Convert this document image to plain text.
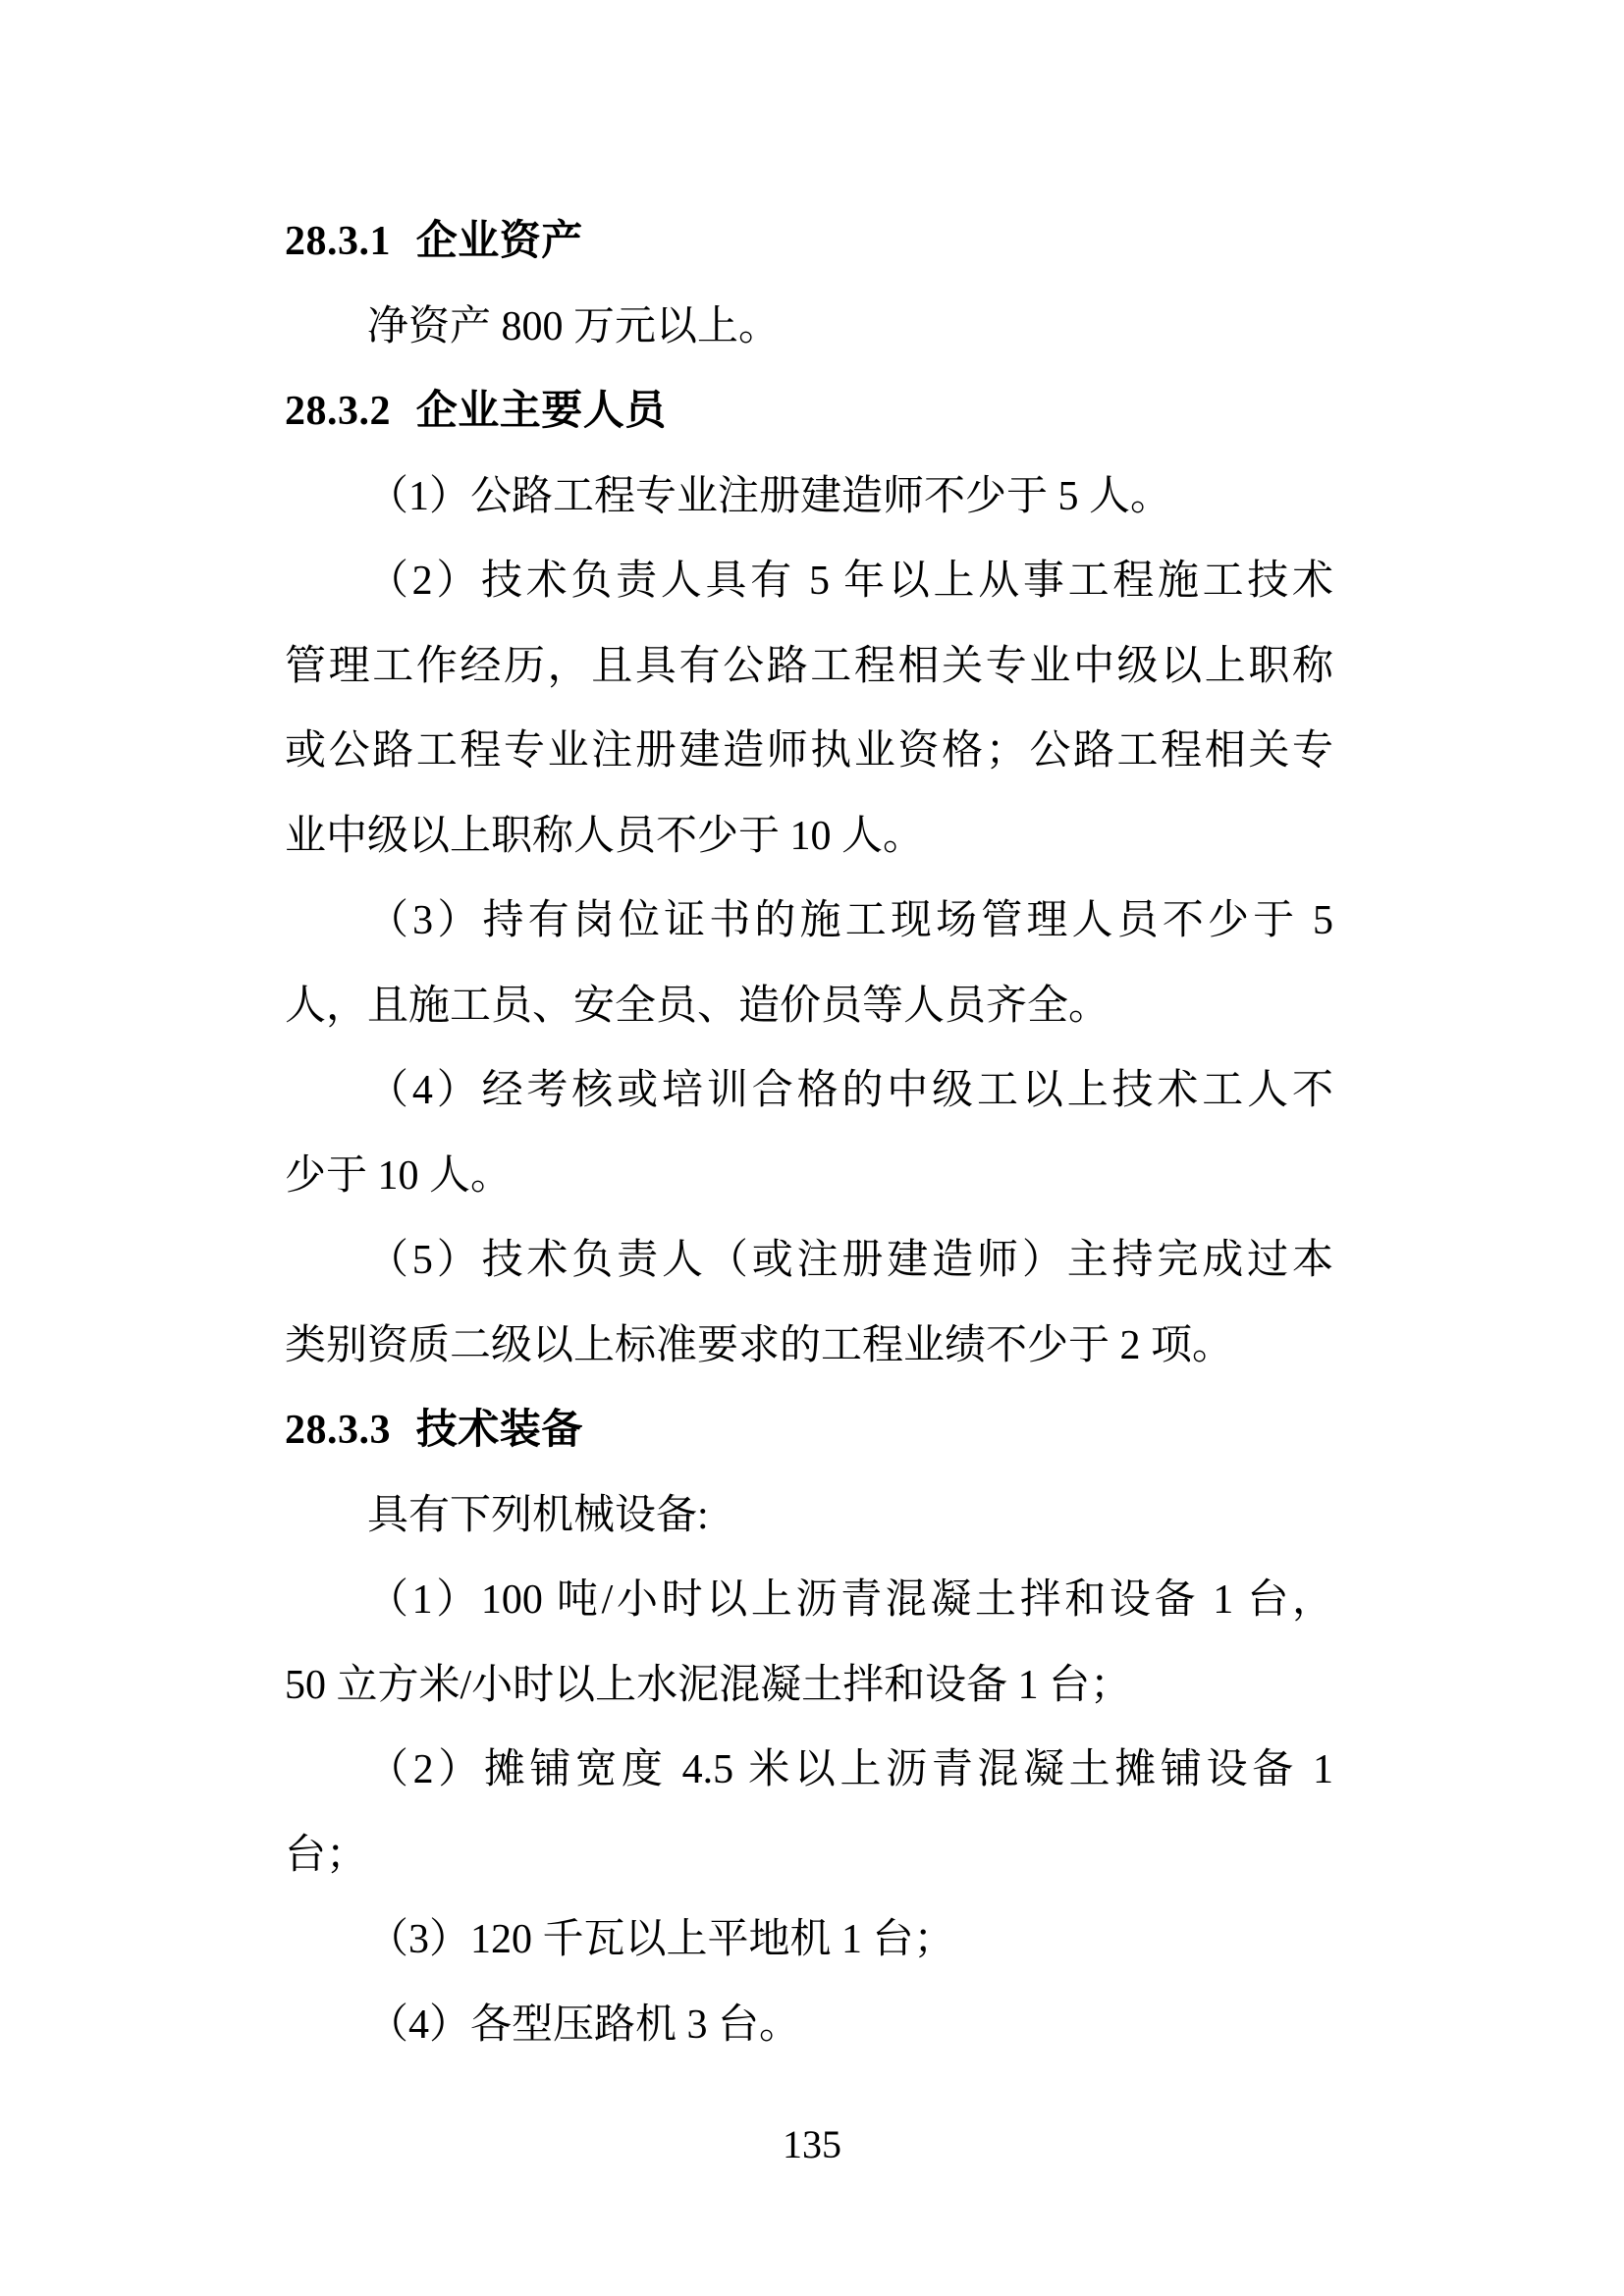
28.3.1 企业资产
净资产 800 万元以上。
28.3.2 企业主要人员
（1）公路工程专业注册建造师不少于 5 人。
（2）技术负责人具有 5 年以上从事工程施工技术
管理工作经历，且具有公路工程相关专业中级以上职称
或公路工程专业注册建造师执业资格；公路工程相关专
业中级以上职称人员不少于 10 人。
（3）持有岗位证书的施工现场管理人员不少于 5
人，且施工员、安全员、造价员等人员齐全。
（4）经考核或培训合格的中级工以上技术工人不
少于 10 人。
（5）技术负责人（或注册建造师）主持完成过本
类别资质二级以上标准要求的工程业绩不少于 2 项。
28.3.3 技术装备
具有下列机械设备:
（1）100 吨/小时以上沥青混凝土拌和设备 1 台，
50 立方米/小时以上水泥混凝土拌和设备 1 台；
（2）摊铺宽度 4.5 米以上沥青混凝土摊铺设备 1
台；
（3）120 千瓦以上平地机 1 台；
（4）各型压路机 3 台。
135
